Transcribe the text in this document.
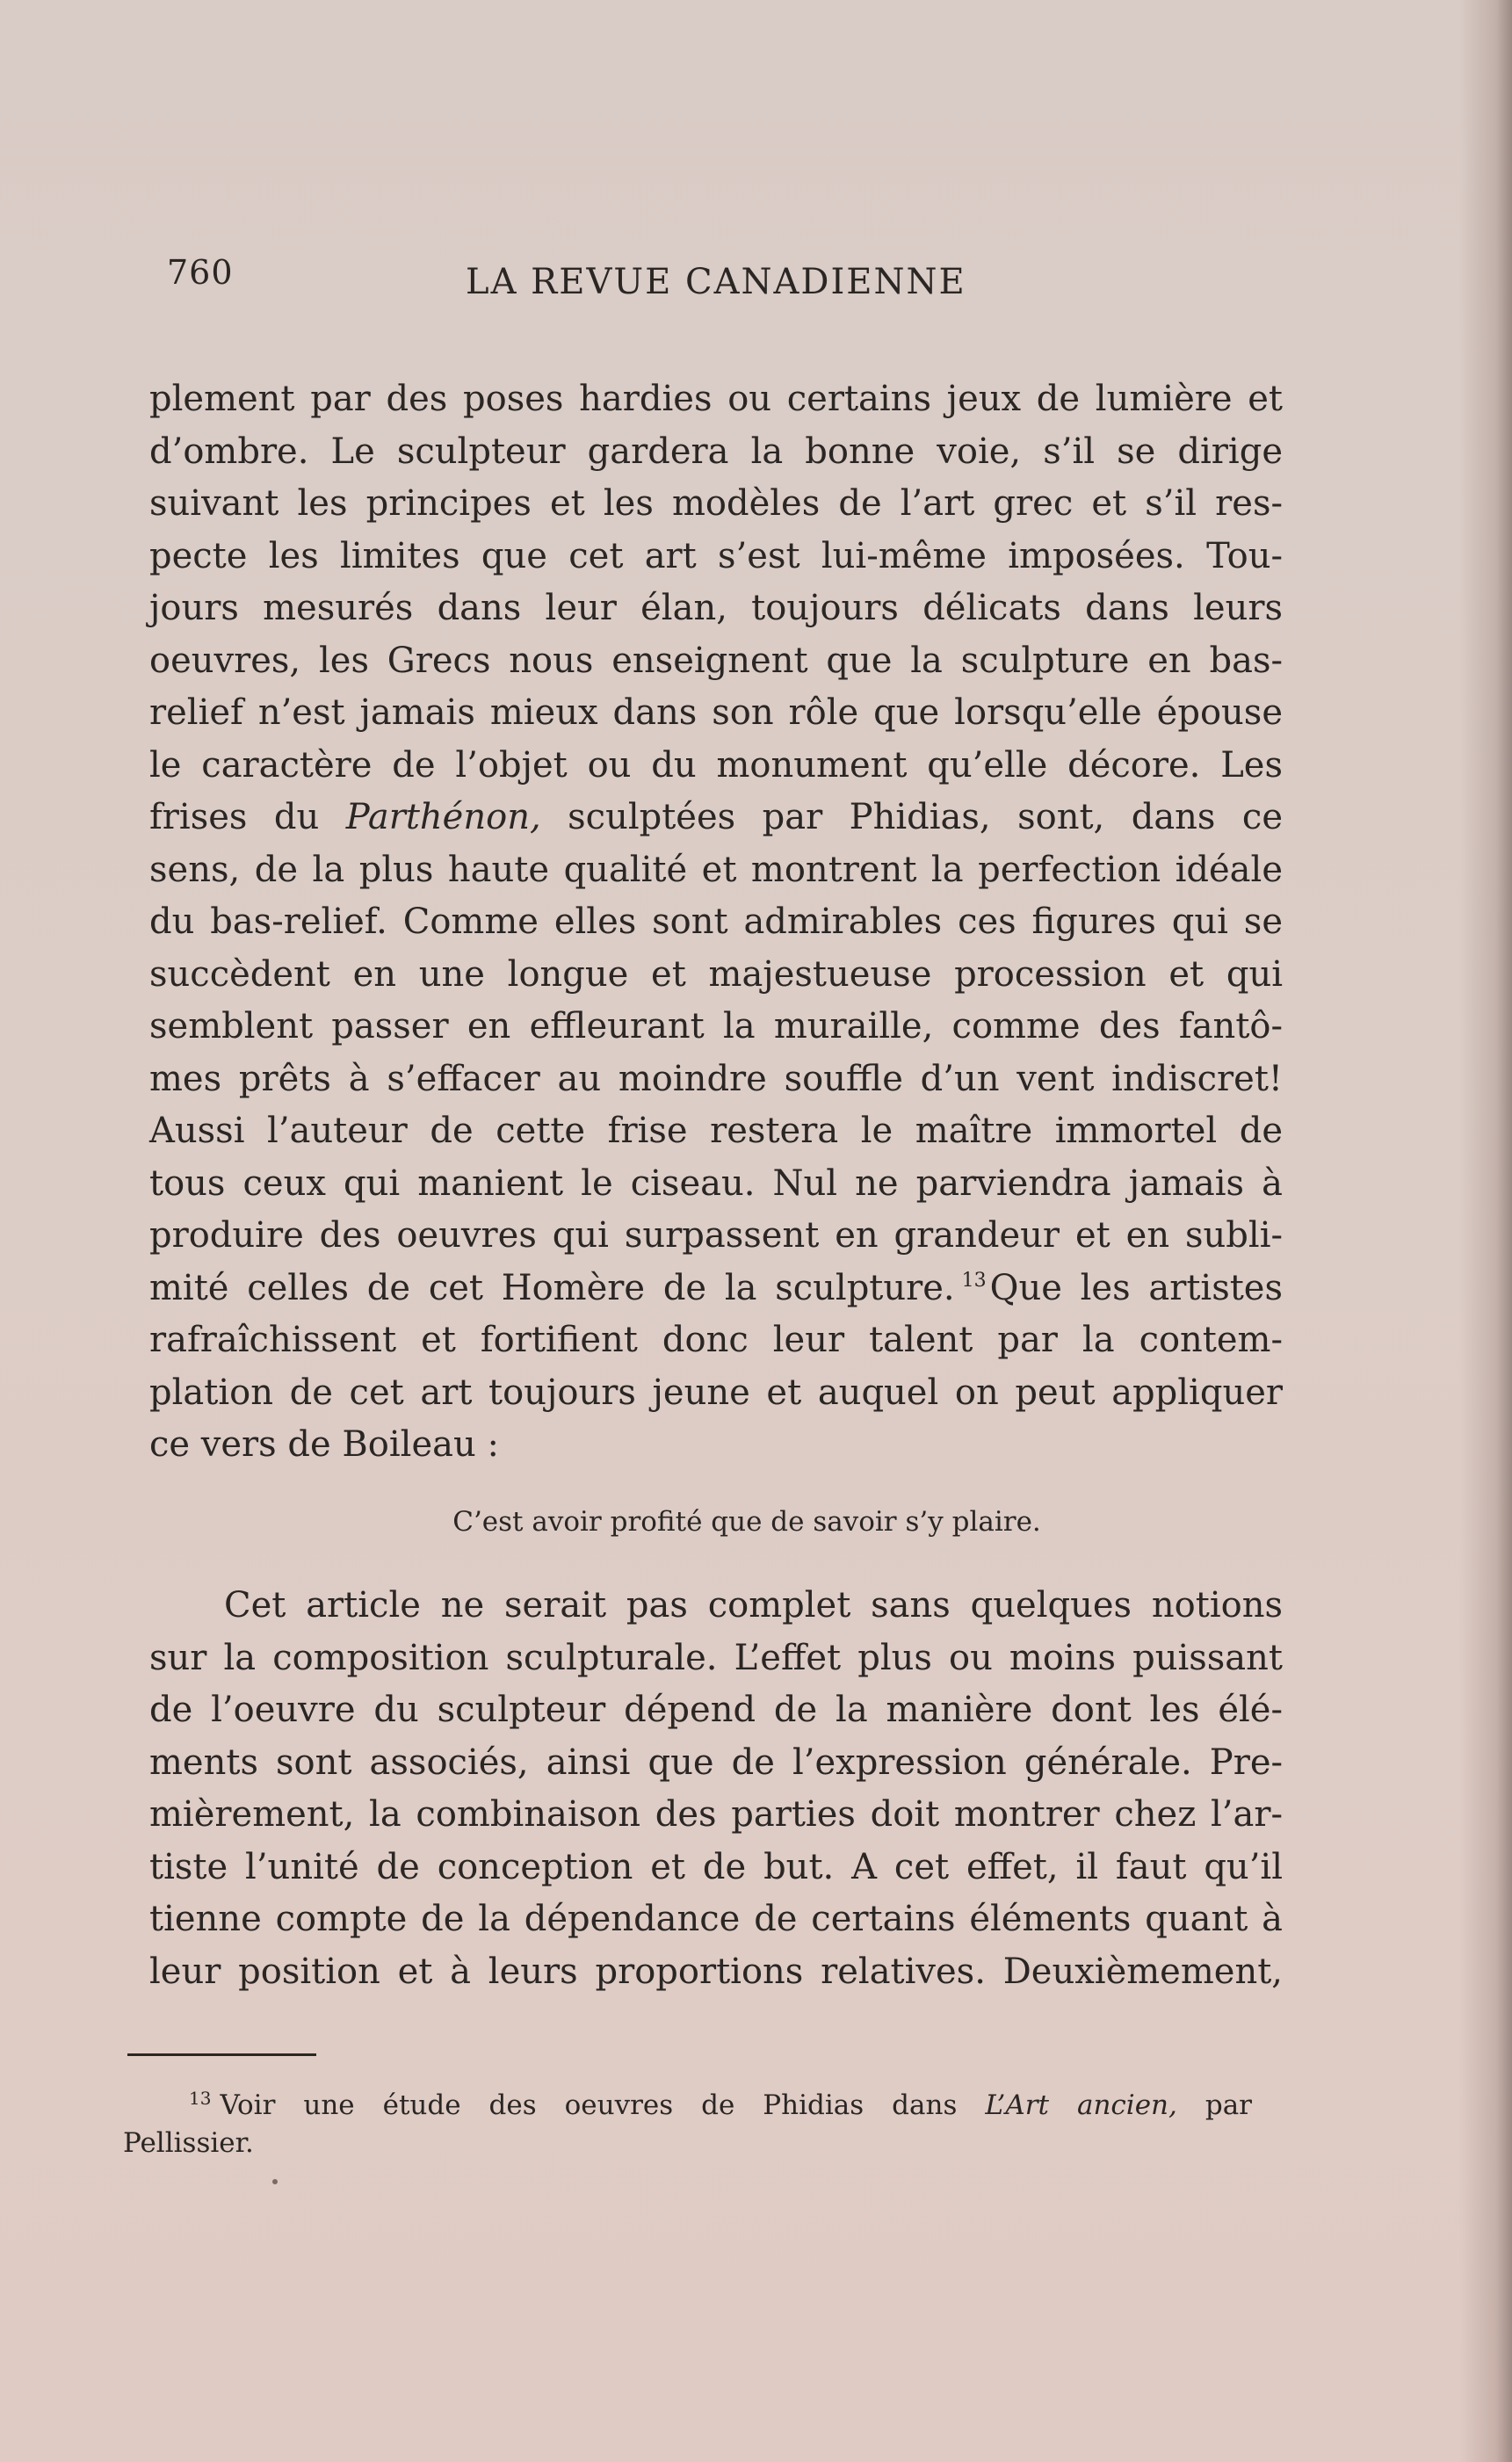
760	LA REVUE CANADIENNE
plement par des poses hardies ou certains jeux de lumière et
d’ombre. Le sculpteur gardera la bonne voie, s’il se dirige
suivant les principes et les modèles de l’art grec et s’il res-
pecte les limites que cet art s’est lui-même imposées. Tou-
jours mesurés dans leur élan, toujours délicats dans leurs
oeuvres, les Grecs nous enseignent que la sculpture en bas-
relief n’est jamais mieux dans son rôle que lorsqu’elle épouse
le caractère de l’objet ou du monument qu’elle décore. Les
frises du Parthénon, sculptées par Phidias, sont, dans ce
sens, de la plus haute qualité et montrent la perfection idéale
du bas-relief. Comme elles sont admirables ces figures qui se
succèdent en une longue et majestueuse procession et qui
semblent passer en effleurant la muraille, comme des fantô-
mes prêts à s’effacer au moindre souffle d’un vent indiscret!
Aussi l’auteur de cette frise restera le maître immortel de
tous ceux qui manient le ciseau. Nul ne parviendra jamais à
produire des oeuvres qui surpassent en grandeur et en subli-
mité celles de cet Homère de la sculpture. $^{13}$ Que les artistes
rafraîchissent et fortifient donc leur talent par la contem-
plation de cet art toujours jeune et auquel on peut appliquer
ce vers de Boileau :
C’est avoir profité que de savoir s’y plaire.
Cet article ne serait pas complet sans quelques notions
sur la composition sculpturale. L’effet plus ou moins puissant
de l’oeuvre du sculpteur dépend de la manière dont les élé-
ments sont associés, ainsi que de l’expression générale. Pre-
mièrement, la combinaison des parties doit montrer chez l’ar-
tiste l’unité de conception et de but. A cet effet, il faut qu’il
tienne compte de la dépendance de certains éléments quant à
leur position et à leurs proportions relatives. Deuxièmement,
$^{13}$ Voir une étude des oeuvres de Phidias dans L’Art ancien, par
Pellissier.
